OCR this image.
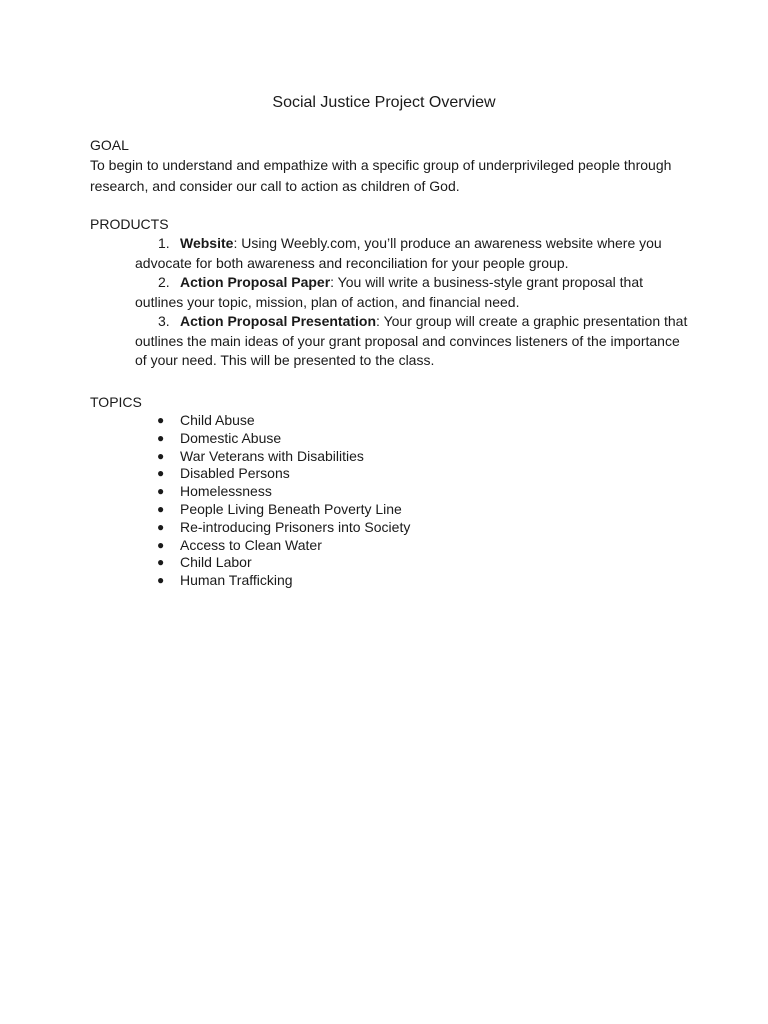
Social Justice Project Overview
GOAL

To begin to understand and empathize with a specific group of underprivileged people through research, and consider our call to action as children of God.

PRODUCTS
1. Website: Using Weebly.com, you’ll produce an awareness website where you advocate for both awareness and reconciliation for your people group.
2. Action Proposal Paper: You will write a business-style grant proposal that outlines your topic, mission, plan of action, and financial need.
3. Action Proposal Presentation: Your group will create a graphic presentation that outlines the main ideas of your grant proposal and convinces listeners of the importance of your need. This will be presented to the class.
TOPICS
● Child Abuse
● Domestic Abuse
● War Veterans with Disabilities
● Disabled Persons
● Homelessness
● People Living Beneath Poverty Line
● Re-introducing Prisoners into Society
● Access to Clean Water
● Child Labor
● Human Trafficking
